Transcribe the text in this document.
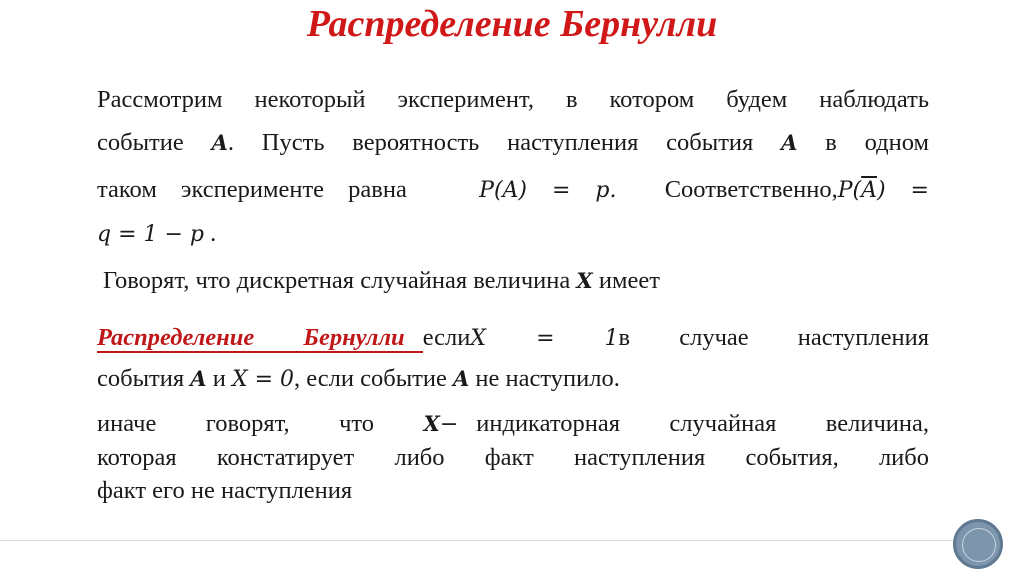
Распределение Бернулли
Рассмотрим некоторый эксперимент, в котором будем наблюдать
событие A. Пусть вероятность наступления события A в одном
таком эксперименте равна	P(A) = p. $Соответственно,P(\overline{A})$ =
q = 1 − p .
Говорят, что дискретная случайная величина X имеет
Распределение Бернулли еслиX = 1в случае наступления
события A и X = 0, если событие A не наступило.
иначе говорят, что X− индикаторная случайная величина,
которая констатирует либо факт наступления события, либо
факт его не наступления
